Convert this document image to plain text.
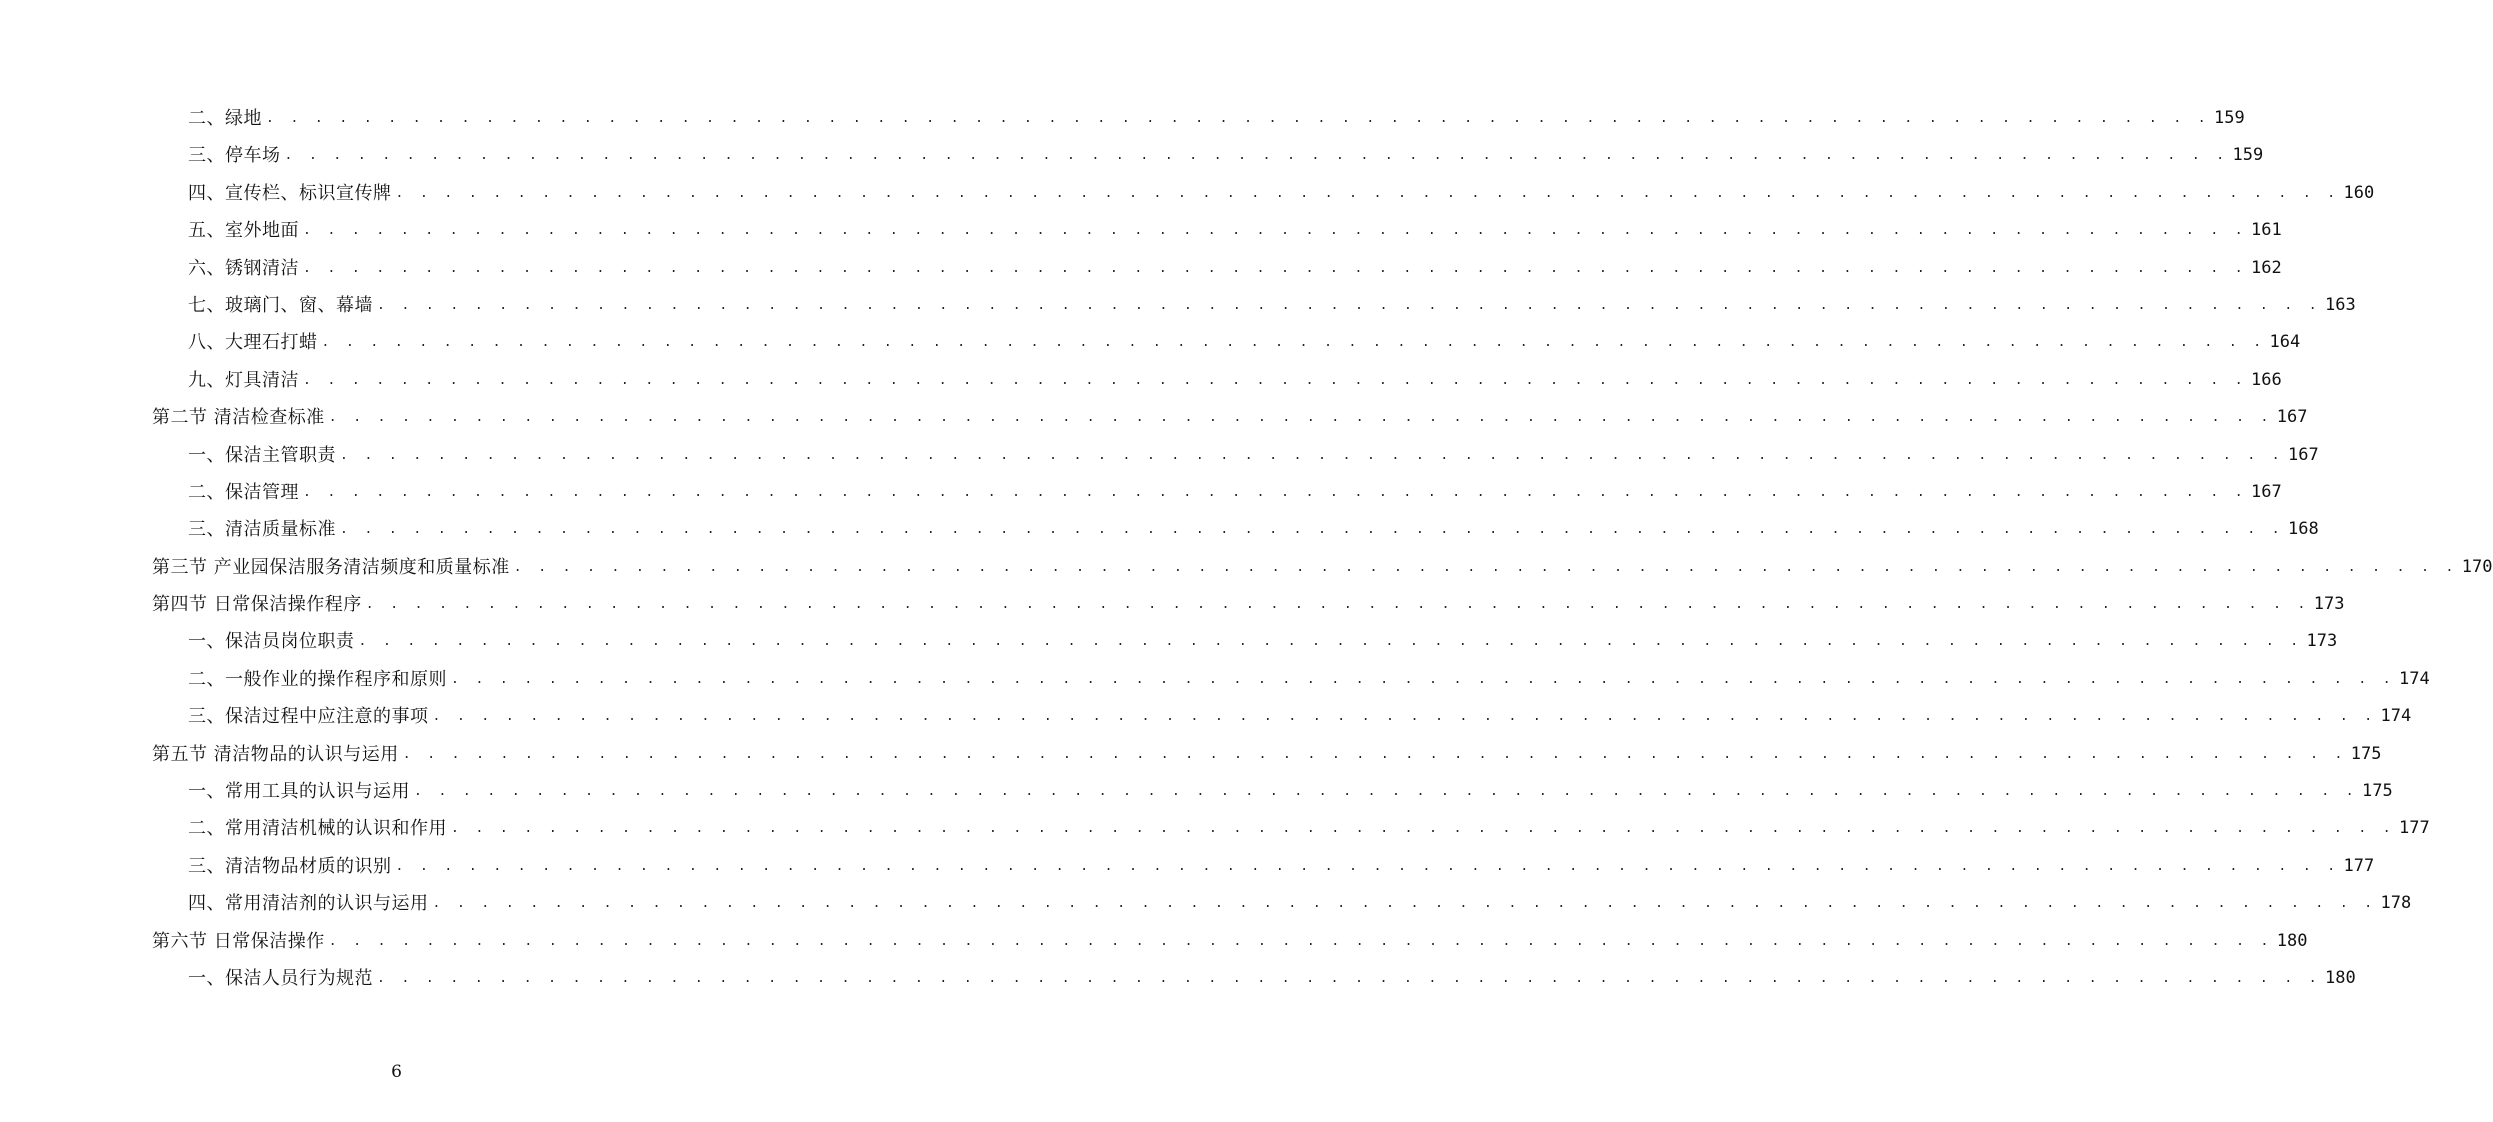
二、绿地 . . . . . . . . . . . . . . . . . . . . . . . . . . . . . . . . . . . . . . . . . . . . . . . . . . . . . . . . . . . . . . . . . . . . . . . . . . . . . . . . 159
三、停车场 . . . . . . . . . . . . . . . . . . . . . . . . . . . . . . . . . . . . . . . . . . . . . . . . . . . . . . . . . . . . . . . . . . . . . . . . . . . . . . . . 159
四、宣传栏、标识宣传牌 . . . . . . . . . . . . . . . . . . . . . . . . . . . . . . . . . . . . . . . . . . . . . . . . . . . . . . . . . . . . . . . . . . . . . . . . . . . . . . . . 160
五、室外地面 . . . . . . . . . . . . . . . . . . . . . . . . . . . . . . . . . . . . . . . . . . . . . . . . . . . . . . . . . . . . . . . . . . . . . . . . . . . . . . . . 161
六、锈钢清洁 . . . . . . . . . . . . . . . . . . . . . . . . . . . . . . . . . . . . . . . . . . . . . . . . . . . . . . . . . . . . . . . . . . . . . . . . . . . . . . . . 162
七、玻璃门、窗、幕墙 . . . . . . . . . . . . . . . . . . . . . . . . . . . . . . . . . . . . . . . . . . . . . . . . . . . . . . . . . . . . . . . . . . . . . . . . . . . . . . . . 163
八、大理石打蜡 . . . . . . . . . . . . . . . . . . . . . . . . . . . . . . . . . . . . . . . . . . . . . . . . . . . . . . . . . . . . . . . . . . . . . . . . . . . . . . . . 164
九、灯具清洁 . . . . . . . . . . . . . . . . . . . . . . . . . . . . . . . . . . . . . . . . . . . . . . . . . . . . . . . . . . . . . . . . . . . . . . . . . . . . . . . . 166
第二节 清洁检查标准 . . . . . . . . . . . . . . . . . . . . . . . . . . . . . . . . . . . . . . . . . . . . . . . . . . . . . . . . . . . . . . . . . . . . . . . . . . . . . . . . 167
一、保洁主管职责 . . . . . . . . . . . . . . . . . . . . . . . . . . . . . . . . . . . . . . . . . . . . . . . . . . . . . . . . . . . . . . . . . . . . . . . . . . . . . . . . 167
二、保洁管理 . . . . . . . . . . . . . . . . . . . . . . . . . . . . . . . . . . . . . . . . . . . . . . . . . . . . . . . . . . . . . . . . . . . . . . . . . . . . . . . . 167
三、清洁质量标准 . . . . . . . . . . . . . . . . . . . . . . . . . . . . . . . . . . . . . . . . . . . . . . . . . . . . . . . . . . . . . . . . . . . . . . . . . . . . . . . . 168
第三节 产业园保洁服务清洁频度和质量标准 . . . . . . . . . . . . . . . . . . . . . . . . . . . . . . . . . . . . . . . . . . . . . . . . . . . . . . . . . . . . . . . . . . . . . . . . . . . . . . . . 170
第四节 日常保洁操作程序 . . . . . . . . . . . . . . . . . . . . . . . . . . . . . . . . . . . . . . . . . . . . . . . . . . . . . . . . . . . . . . . . . . . . . . . . . . . . . . . . 173
一、保洁员岗位职责 . . . . . . . . . . . . . . . . . . . . . . . . . . . . . . . . . . . . . . . . . . . . . . . . . . . . . . . . . . . . . . . . . . . . . . . . . . . . . . . . 173
二、一般作业的操作程序和原则 . . . . . . . . . . . . . . . . . . . . . . . . . . . . . . . . . . . . . . . . . . . . . . . . . . . . . . . . . . . . . . . . . . . . . . . . . . . . . . . . 174
三、保洁过程中应注意的事项 . . . . . . . . . . . . . . . . . . . . . . . . . . . . . . . . . . . . . . . . . . . . . . . . . . . . . . . . . . . . . . . . . . . . . . . . . . . . . . . . 174
第五节 清洁物品的认识与运用 . . . . . . . . . . . . . . . . . . . . . . . . . . . . . . . . . . . . . . . . . . . . . . . . . . . . . . . . . . . . . . . . . . . . . . . . . . . . . . . . 175
一、常用工具的认识与运用 . . . . . . . . . . . . . . . . . . . . . . . . . . . . . . . . . . . . . . . . . . . . . . . . . . . . . . . . . . . . . . . . . . . . . . . . . . . . . . . . 175
二、常用清洁机械的认识和作用 . . . . . . . . . . . . . . . . . . . . . . . . . . . . . . . . . . . . . . . . . . . . . . . . . . . . . . . . . . . . . . . . . . . . . . . . . . . . . . . . 177
三、清洁物品材质的识别 . . . . . . . . . . . . . . . . . . . . . . . . . . . . . . . . . . . . . . . . . . . . . . . . . . . . . . . . . . . . . . . . . . . . . . . . . . . . . . . . 177
四、常用清洁剂的认识与运用 . . . . . . . . . . . . . . . . . . . . . . . . . . . . . . . . . . . . . . . . . . . . . . . . . . . . . . . . . . . . . . . . . . . . . . . . . . . . . . . . 178
第六节 日常保洁操作 . . . . . . . . . . . . . . . . . . . . . . . . . . . . . . . . . . . . . . . . . . . . . . . . . . . . . . . . . . . . . . . . . . . . . . . . . . . . . . . . 180
一、保洁人员行为规范 . . . . . . . . . . . . . . . . . . . . . . . . . . . . . . . . . . . . . . . . . . . . . . . . . . . . . . . . . . . . . . . . . . . . . . . . . . . . . . . . 180
6
